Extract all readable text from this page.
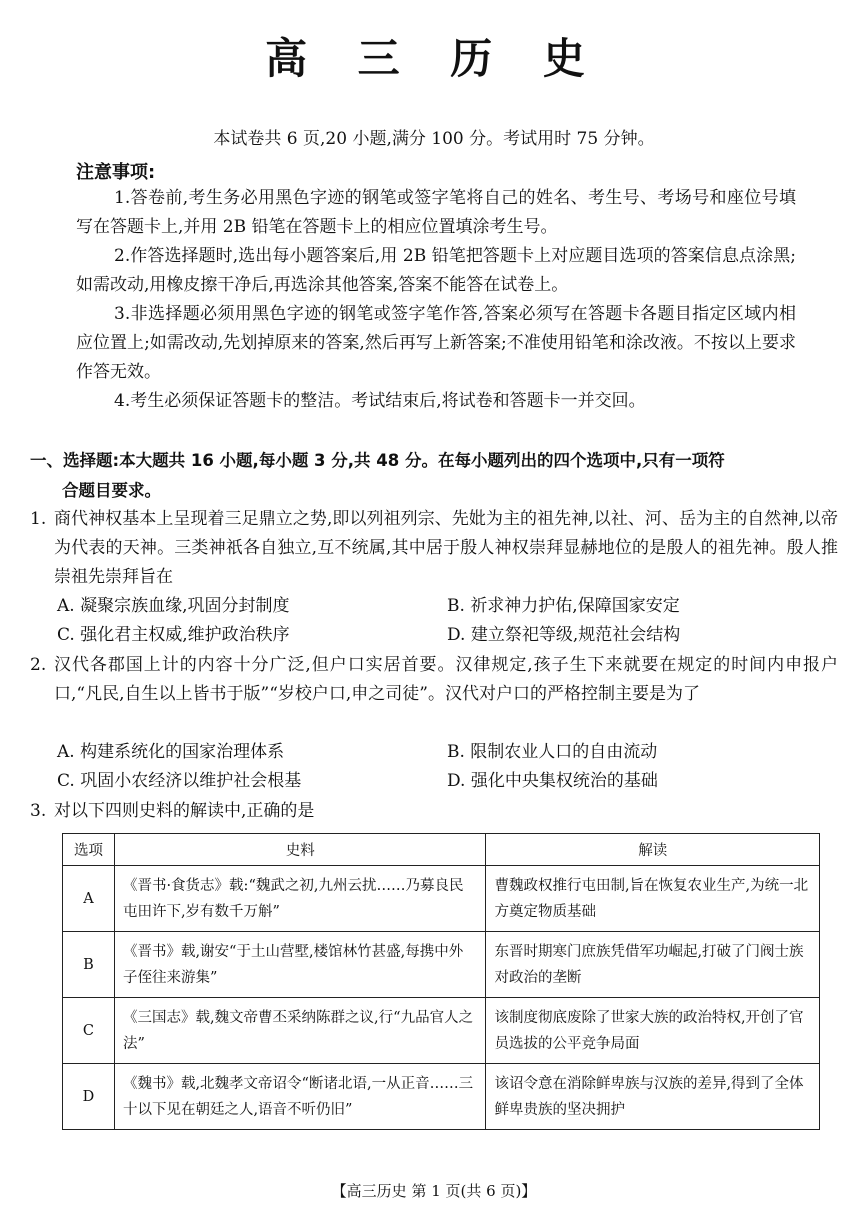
高 三 历 史
本试卷共 6 页,20 小题,满分 100 分。考试用时 75 分钟。
注意事项:

1.答卷前,考生务必用黑色字迹的钢笔或签字笔将自己的姓名、考生号、考场号和座位号填写在答题卡上,并用 2B 铅笔在答题卡上的相应位置填涂考生号。

2.作答选择题时,选出每小题答案后,用 2B 铅笔把答题卡上对应题目选项的答案信息点涂黑;如需改动,用橡皮擦干净后,再选涂其他答案,答案不能答在试卷上。

3.非选择题必须用黑色字迹的钢笔或签字笔作答,答案必须写在答题卡各题目指定区域内相应位置上;如需改动,先划掉原来的答案,然后再写上新答案;不准使用铅笔和涂改液。不按以上要求作答无效。

4.考生必须保证答题卡的整洁。考试结束后,将试卷和答题卡一并交回。

一、选择题:本大题共 16 小题,每小题 3 分,共 48 分。在每小题列出的四个选项中,只有一项符
合题目要求。
1. 商代神权基本上呈现着三足鼎立之势,即以列祖列宗、先妣为主的祖先神,以社、河、岳为主的自然神,以帝为代表的天神。三类神祇各自独立,互不统属,其中居于殷人神权崇拜显赫地位的是殷人的祖先神。殷人推崇祖先崇拜旨在
A. 凝聚宗族血缘,巩固分封制度	B. 祈求神力护佑,保障国家安定
C. 强化君主权威,维护政治秩序	D. 建立祭祀等级,规范社会结构
2. 汉代各郡国上计的内容十分广泛,但户口实居首要。汉律规定,孩子生下来就要在规定的时间内申报户口,“凡民,自生以上皆书于版”“岁校户口,申之司徒”。汉代对户口的严格控制主要是为了
A. 构建系统化的国家治理体系	B. 限制农业人口的自由流动
C. 巩固小农经济以维护社会根基	D. 强化中央集权统治的基础
3. 对以下四则史料的解读中,正确的是
选项	史料	解读
A	《晋书·食货志》载:“魏武之初,九州云扰……乃募良民屯田许下,岁有数千万斛”	曹魏政权推行屯田制,旨在恢复农业生产,为统一北方奠定物质基础
B	《晋书》载,谢安“于土山营墅,楼馆林竹甚盛,每携中外子侄往来游集”	东晋时期寒门庶族凭借军功崛起,打破了门阀士族对政治的垄断
C	《三国志》载,魏文帝曹丕采纳陈群之议,行“九品官人之法”	该制度彻底废除了世家大族的政治特权,开创了官员选拔的公平竞争局面
D	《魏书》载,北魏孝文帝诏令“断诸北语,一从正音……三十以下见在朝廷之人,语音不听仍旧”	该诏令意在消除鲜卑族与汉族的差异,得到了全体鲜卑贵族的坚决拥护
【高三历史 第 1 页(共 6 页)】
